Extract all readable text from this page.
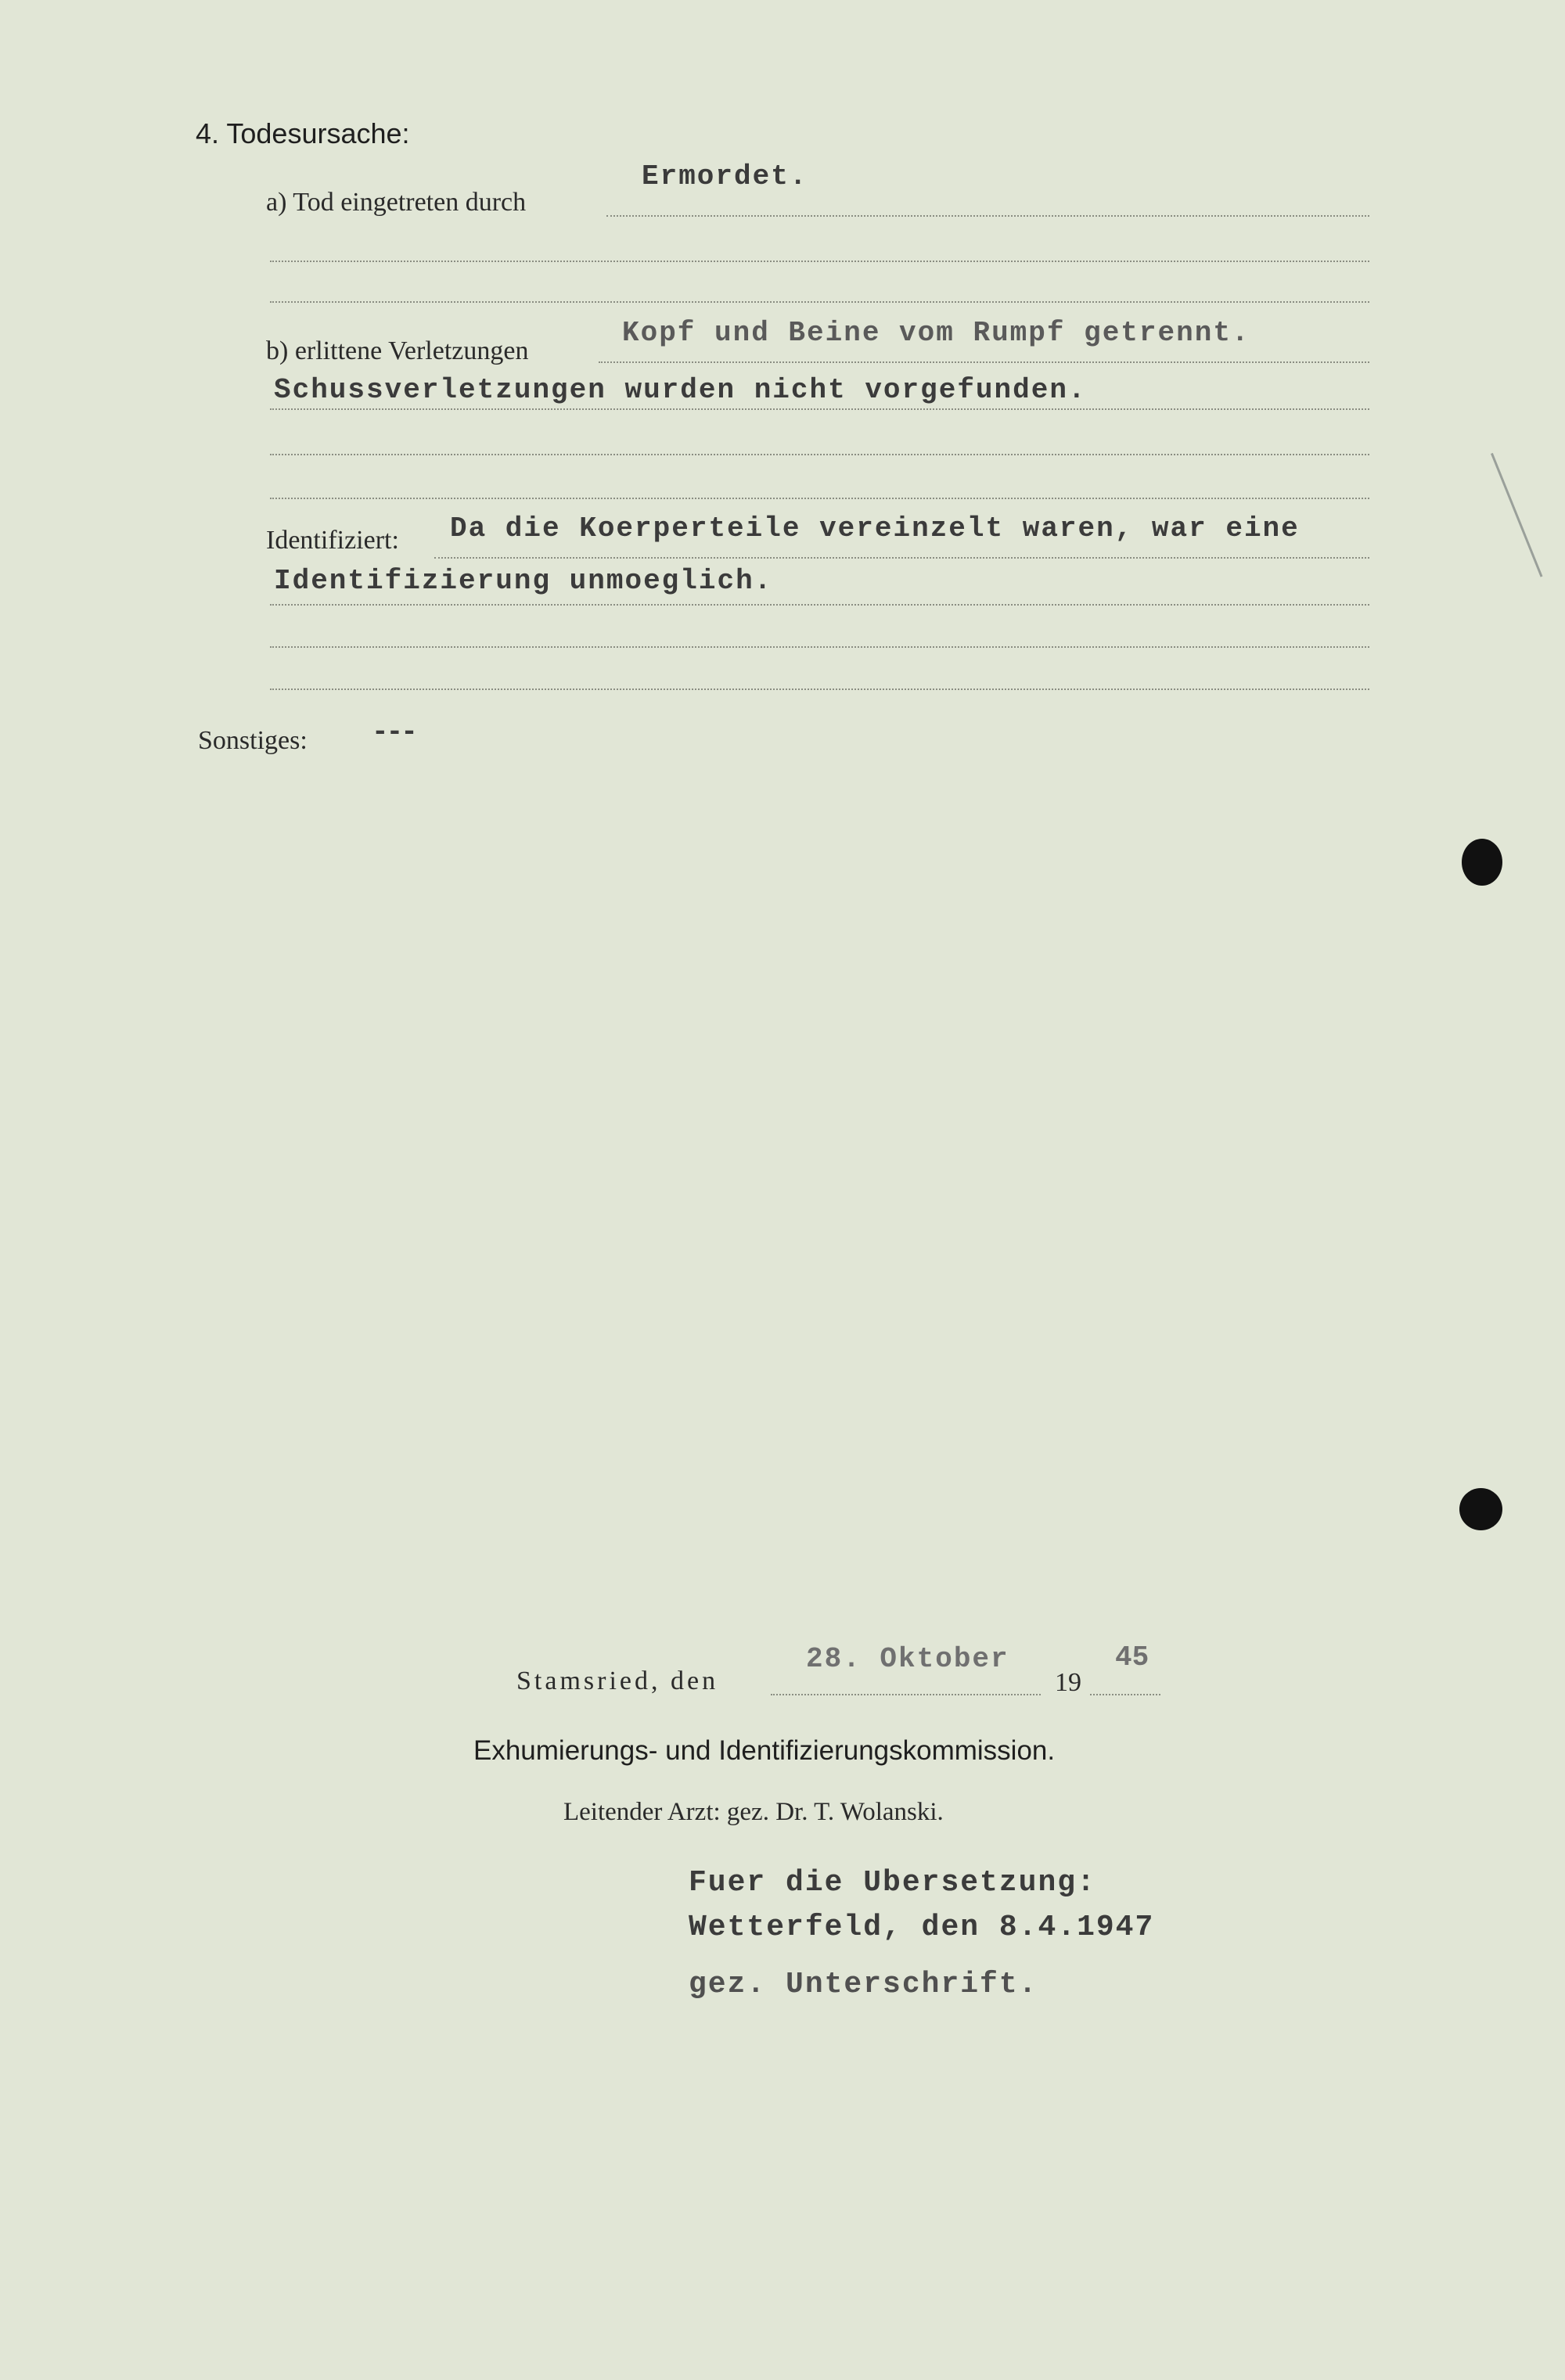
4. Todesursache:
Ermordet.
a) Tod eingetreten durch
Kopf und Beine vom Rumpf getrennt.
b) erlittene Verletzungen
Schussverletzungen wurden nicht vorgefunden.
Identifiziert: Da die Koerperteile vereinzelt waren, war eine
Identifizierung unmoeglich.
Sonstiges: ---
Stamsried, den
28. Oktober
19
45
Exhumierungs- und Identifizierungskommission.
Leitender Arzt: gez. Dr. T. Wolanski.
Fuer die Ubersetzung:
Wetterfeld, den 8.4.1947
gez. Unterschrift.
